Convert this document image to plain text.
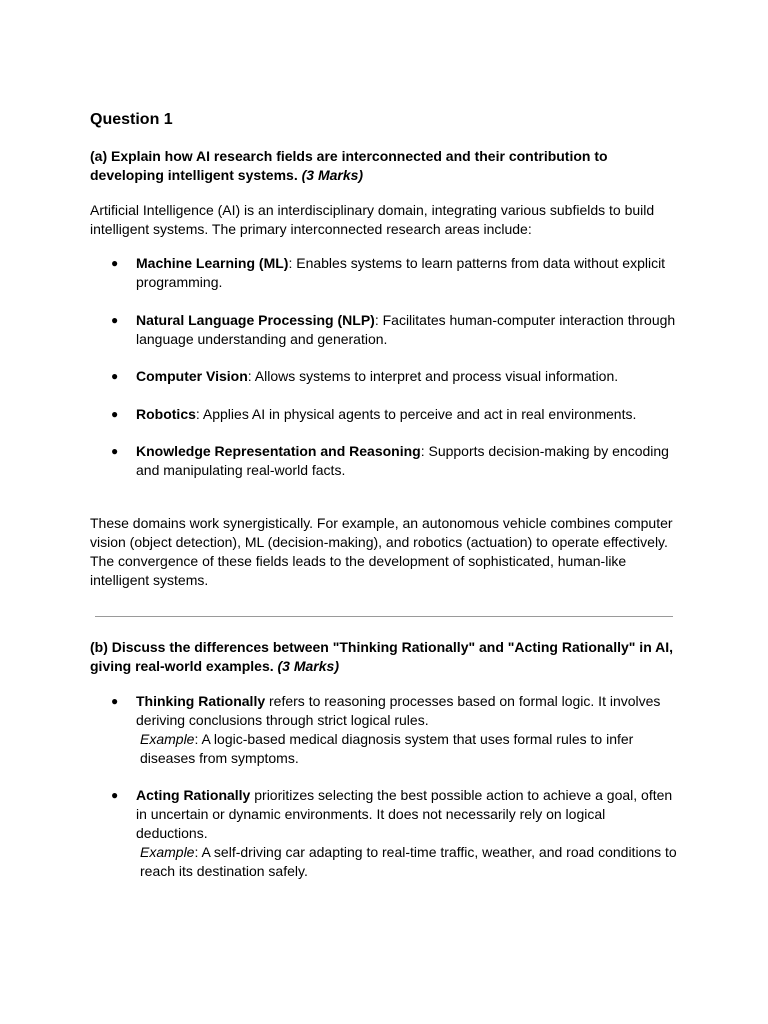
Question 1

(a) Explain how AI research fields are interconnected and their contribution to developing intelligent systems. (3 Marks)

Artificial Intelligence (AI) is an interdisciplinary domain, integrating various subfields to build intelligent systems. The primary interconnected research areas include:

● Machine Learning (ML): Enables systems to learn patterns from data without explicit programming.
● Natural Language Processing (NLP): Facilitates human-computer interaction through language understanding and generation.
● Computer Vision: Allows systems to interpret and process visual information.
● Robotics: Applies AI in physical agents to perceive and act in real environments.
● Knowledge Representation and Reasoning: Supports decision-making by encoding and manipulating real-world facts.

These domains work synergistically. For example, an autonomous vehicle combines computer vision (object detection), ML (decision-making), and robotics (actuation) to operate effectively. The convergence of these fields leads to the development of sophisticated, human-like intelligent systems.

(b) Discuss the differences between "Thinking Rationally" and "Acting Rationally" in AI, giving real-world examples. (3 Marks)

● Thinking Rationally refers to reasoning processes based on formal logic. It involves deriving conclusions through strict logical rules.
Example: A logic-based medical diagnosis system that uses formal rules to infer diseases from symptoms.
● Acting Rationally prioritizes selecting the best possible action to achieve a goal, often in uncertain or dynamic environments. It does not necessarily rely on logical deductions.
Example: A self-driving car adapting to real-time traffic, weather, and road conditions to reach its destination safely.
